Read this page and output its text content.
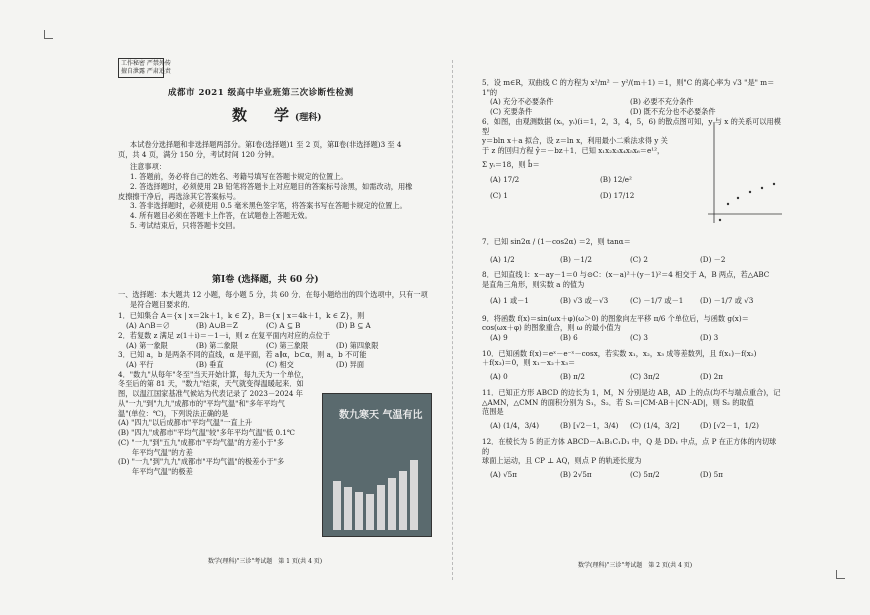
工作秘密 严禁外传
擅自泄露 严肃追责
成都市 2021 级高中毕业班第三次诊断性检测
数　学(理科)
本试卷分选择题和非选择题两部分。第Ⅰ卷(选择题)1 至 2 页，第Ⅱ卷(非选择题)3 至 4
页，共 4 页，满分 150 分，考试时间 120 分钟。
注意事项：
1. 答题前，务必将自己的姓名、考籍号填写在答题卡规定的位置上。
2. 答选择题时，必须使用 2B 铅笔将答题卡上对应题目的答案标号涂黑，如需改动，用橡
皮擦擦干净后，再选涂其它答案标号。
3. 答非选择题时，必须使用 0.5 毫米黑色签字笔，将答案书写在答题卡规定的位置上。
4. 所有题目必须在答题卡上作答，在试题卷上答题无效。
5. 考试结束后，只将答题卡交回。
第Ⅰ卷 (选择题，共 60 分)
一、选择题：本大题共 12 小题，每小题 5 分，共 60 分．在每小题给出的四个选项中，只有一项
是符合题目要求的．
1．已知集合 A＝{x | x＝2k＋1，k ∈ Z}，B＝{x | x＝4k＋1，k ∈ Z}，则
(A) A∩B＝∅	(B) A∪B＝Z	(C) A ⊆ B	(D) B ⊆ A
2．若复数 z 满足 z(1＋i)＝－1－i，则 z 在复平面内对应的点位于
(A) 第一象限	(B) 第二象限	(C) 第三象限	(D) 第四象限
3．已知 a，b 是两条不同的直线，α 是平面，若 a∥α，b⊂α，则 a，b 不可能
(A) 平行	(B) 垂直	(C) 相交	(D) 异面
4．"数九"从每年"冬至"当天开始计算，每九天为一个单位，
冬至后的第 81 天，"数九"结束，天气就变得温暖起来．如
图，以温江国家基准气候站为代表记录了 2023－2024 年
从"一九"到"九九"成都市的"平均气温"和"多年平均气
温"(单位：℃)，下列说法正确的是
(A) "四九"以后成都市"平均气温"一直上升
(B) "四九"成都市"平均气温"较"多年平均气温"低 0.1℃
(C) "一九"到"五九"成都市"平均气温"的方差小于"多
年平均气温"的方差
(D) "一九"到"九九"成都市"平均气温"的极差小于"多
年平均气温"的极差
数九寒天 气温有比
数学(理科)"三诊"考试题　第 1 页(共 4 页)
5．设 m∈R，双曲线 C 的方程为 x²/m² － y²/(m＋1) ＝1，则"C 的离心率为 √3 "是" m＝1"的
(A) 充分不必要条件	(B) 必要不充分条件
(C) 充要条件	(D) 既不充分也不必要条件
6．如图，由观测数据 (xᵢ，yᵢ)(i＝1，2，3，4，5，6) 的散点图可知，y 与 x 的关系可以用模型
y＝bln x＋a 拟合，设 z＝ln x，利用最小二乘法求得 y 关
于 z 的回归方程 ŷ＝－bz＋1．已知 x₁x₂x₃x₄x₅x₆＝e¹²，
Σ yᵢ＝18，则 b̂＝
(A) 17/2	(B) 12/e²
(C) 1	(D) 17/12
7．已知 sin2α / (1－cos2α) ＝2，则 tanα＝
(A) 1/2	(B) －1/2	(C) 2	(D) －2
8．已知直线 l：x－ay－1＝0 与⊙C：(x－a)²＋(y－1)²＝4 相交于 A，B 两点，若△ABC
是直角三角形，则实数 a 的值为
(A) 1 或－1	(B) √3 或－√3	(C) －1/7 或－1 (D) －1/7 或 √3
9．将函数 f(x)＝sin(ωx＋φ)(ω＞0) 的图象向左平移 π/6 个单位后，与函数 g(x)＝
cos(ωx＋φ) 的图象重合，则 ω 的最小值为
(A) 9	(B) 6	(C) 3	(D) 3
10．已知函数 f(x)＝eˣ－e⁻ˣ－cosx，若实数 x₁，x₂，x₃ 成等差数列，且 f(x₁)－f(x₂)
＋f(x₃)＝0，则 x₁－x₂＋x₃＝
(A) 0	(B) π/2	(C) 3π/2	(D) 2π
11．已知正方形 ABCD 的边长为 1，M，N 分别是边 AB，AD 上的点(均不与端点重合)，记
△AMN，△CMN 的面积分别为 S₁，S₂．若 S₁＝|CM·AB＋|CN·AD|，则 S₂ 的取值
范围是
(A) (1/4，3/4)	(B) [√2－1，3/4) (C) (1/4，3/2]	(D) [√2－1，1/2)
12．在棱长为 5 的正方体 ABCD－A₁B₁C₁D₁ 中，Q 是 DD₁ 中点，点 P 在正方体的内切球的
球面上运动，且 CP ⊥ AQ，则点 P 的轨迹长度为
(A) √5π	(B) 2√5π	(C) 5π/2	(D) 5π
数学(理科)"三诊"考试题　第 2 页(共 4 页)
